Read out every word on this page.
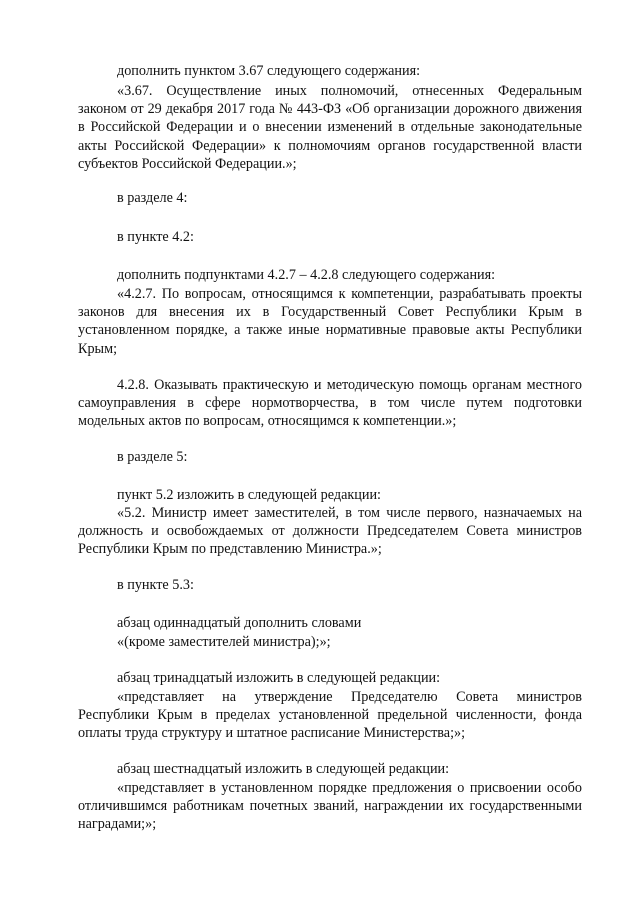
дополнить пунктом 3.67 следующего содержания:

«3.67. Осуществление иных полномочий, отнесенных Федеральным законом от 29 декабря 2017 года № 443-ФЗ «Об организации дорожного движения в Российской Федерации и о внесении изменений в отдельные законодательные акты Российской Федерации» к полномочиям органов государственной власти субъектов Российской Федерации.»;

в разделе 4:

в пункте 4.2:

дополнить подпунктами 4.2.7 – 4.2.8 следующего содержания:

«4.2.7. По вопросам, относящимся к компетенции, разрабатывать проекты законов для внесения их в Государственный Совет Республики Крым в установленном порядке, а также иные нормативные правовые акты Республики Крым;

4.2.8. Оказывать практическую и методическую помощь органам местного самоуправления в сфере нормотворчества, в том числе путем подготовки модельных актов по вопросам, относящимся к компетенции.»;

в разделе 5:

пункт 5.2 изложить в следующей редакции:

«5.2. Министр имеет заместителей, в том числе первого, назначаемых на должность и освобождаемых от должности Председателем Совета министров Республики Крым по представлению Министра.»;

в пункте 5.3:

абзац одиннадцатый дополнить словами

«(кроме заместителей министра);»;

абзац тринадцатый изложить в следующей редакции:

«представляет на утверждение Председателю Совета министров Республики Крым в пределах установленной предельной численности, фонда оплаты труда структуру и штатное расписание Министерства;»;

абзац шестнадцатый изложить в следующей редакции:

«представляет в установленном порядке предложения о присвоении особо отличившимся работникам почетных званий, награждении их государственными наградами;»;
